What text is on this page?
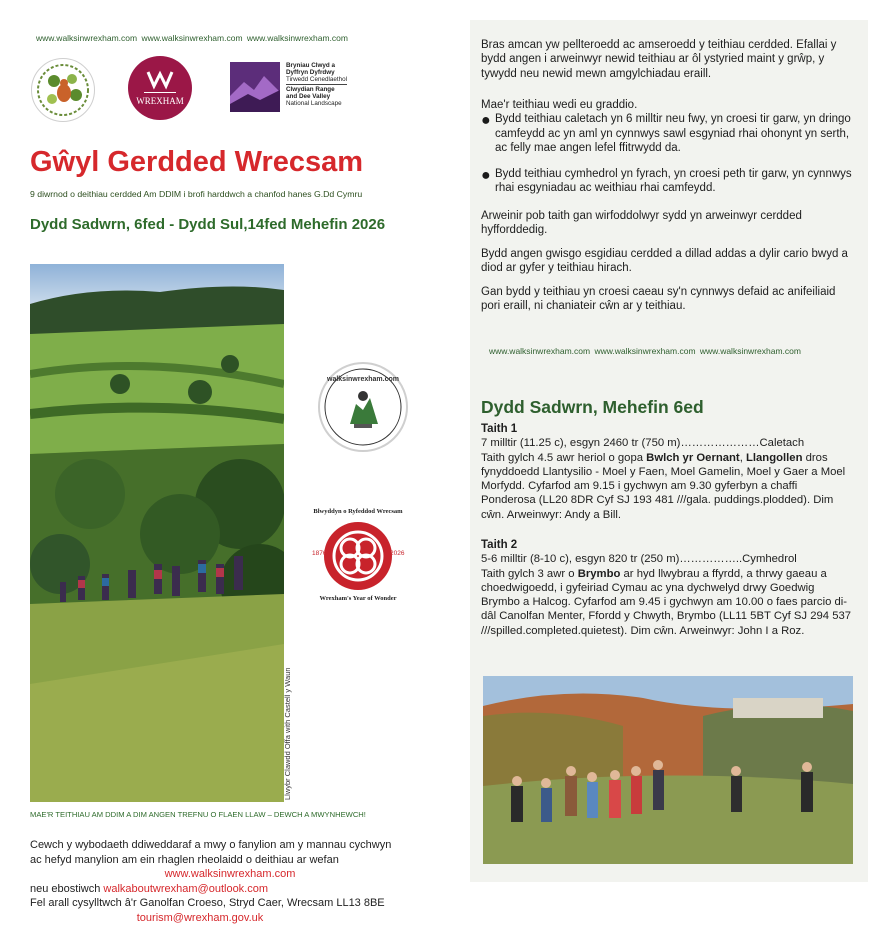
www.walksinwrexham.com www.walksinwrexham.com www.walksinwrexham.com
WREXHAM
Bryniau Clwyd a
Dyffryn Dyfrdwy
Tirwedd Cenedlaethol
Clwydian Range
and Dee Valley
National Landscape
Gŵyl Gerdded Wrecsam
9 diwrnod o deithiau cerdded Am DDIM i brofi harddwch a chanfod hanes G.Dd Cymru
Dydd Sadwrn, 6fed - Dydd Sul,14fed Mehefin 2026
Llwybr Clawdd Offa with Castell y Waun
walksinwrexham.com
Blwyddyn o Ryfeddod Wrecsam
Wrexham's Year of Wonder
1876	2026
MAE'R TEITHIAU AM DDIM A DIM ANGEN TREFNU O FLAEN LLAW – DEWCH A MWYNHEWCH!
Cewch y wybodaeth ddiweddaraf a mwy o fanylion am y mannau cychwyn
ac hefyd manylion am ein rhaglen rheolaidd o deithiau ar wefan
www.walksinwrexham.com
neu ebostiwch walkaboutwrexham@outlook.com
Fel arall cysylltwch â'r Ganolfan Croeso, Stryd Caer, Wrecsam LL13 8BE
tourism@wrexham.gov.uk

Bras amcan yw pellteroedd ac amseroedd y teithiau cerdded. Efallai y bydd angen i arweinwyr newid teithiau ar ôl ystyried maint y grŵp, y tywydd neu newid mewn amgylchiadau eraill.

Mae'r teithiau wedi eu graddio.

● Bydd teithiau caletach yn 6 milltir neu fwy, yn croesi tir garw, yn dringo camfeydd ac yn aml yn cynnwys sawl esgyniad rhai ohonynt yn serth, ac felly mae angen lefel ffitrwydd da.

● Bydd teithiau cymhedrol yn fyrach, yn croesi peth tir garw, yn cynnwys rhai esgyniadau ac weithiau rhai camfeydd.

Arweinir pob taith gan wirfoddolwyr sydd yn arweinwyr cerdded hyfforddedig.

Bydd angen gwisgo esgidiau cerdded a dillad addas a dylir cario bwyd a diod ar gyfer y teithiau hirach.

Gan bydd y teithiau yn croesi caeau sy'n cynnwys defaid ac anifeiliaid pori eraill, ni chaniateir cŵn ar y teithiau.

www.walksinwrexham.com www.walksinwrexham.com www.walksinwrexham.com
Dydd Sadwrn, Mehefin 6ed

Taith 1

7 milltir (11.25 c), esgyn 2460 tr (750 m)…………………Caletach

Taith gylch 4.5 awr heriol o gopa Bwlch yr Oernant, Llangollen dros fynyddoedd Llantysilio - Moel y Faen, Moel Gamelin, Moel y Gaer a Moel Morfydd. Cyfarfod am 9.15 i gychwyn am 9.30 gyferbyn a chaffi Ponderosa (LL20 8DR Cyf SJ 193 481 ///gala. puddings.plodded). Dim cŵn. Arweinwyr: Andy a Bill.

Taith 2

5-6 milltir (8-10 c), esgyn 820 tr (250 m)……………..Cymhedrol

Taith gylch 3 awr o Brymbo ar hyd llwybrau a ffyrdd, a thrwy gaeau a choedwigoedd, i gyfeiriad Cymau ac yna dychwelyd drwy Goedwig Brymbo a Halcog. Cyfarfod am 9.45 i gychwyn am 10.00 o faes parcio di-dâl Canolfan Menter, Ffordd y Chwyth, Brymbo (LL11 5BT Cyf SJ 294 537 ///spilled.completed.quietest). Dim cŵn. Arweinwyr: John I a Roz.
